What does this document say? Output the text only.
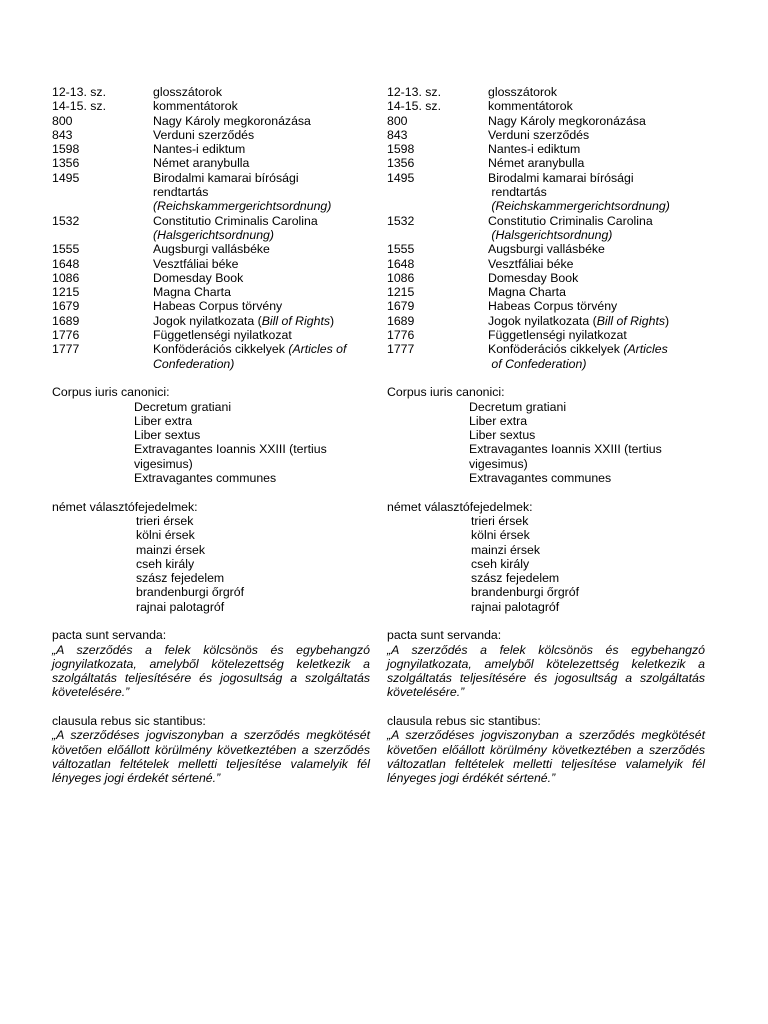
12-13. sz.	glosszátorok
14-15. sz.	kommentátorok
800	Nagy Károly megkoronázása
843	Verduni szerződés
1598	Nantes-i ediktum
1356	Német aranybulla
1495	Birodalmi kamarai bírósági
rendtartás
(Reichskammergerichtsordnung)
1532	Constitutio Criminalis Carolina
(Halsgerichtsordnung)
1555	Augsburgi vallásbéke
1648	Vesztfáliai béke
1086	Domesday Book
1215	Magna Charta
1679	Habeas Corpus törvény
1689	Jogok nyilatkozata (Bill of Rights)
1776	Függetlenségi nyilatkozat
1777	Konföderációs cikkelyek (Articles of
Confederation)
Corpus iuris canonici:
Decretum gratiani
Liber extra
Liber sextus
Extravagantes Ioannis XXIII (tertius
vigesimus)
Extravagantes communes
német választófejedelmek:
trieri érsek
kölni érsek
mainzi érsek
cseh király
szász fejedelem
brandenburgi őrgróf
rajnai palotagróf
pacta sunt servanda:
„A szerződés a felek kölcsönös és egybehangzó jognyilatkozata, amelyből kötelezettség keletkezik a szolgáltatás teljesítésére és jogosultság a szolgáltatás követelésére.”
clausula rebus sic stantibus:
„A szerződéses jogviszonyban a szerződés megkötését követően előállott körülmény következtében a szerződés változatlan feltételek melletti teljesítése valamelyik fél lényeges jogi érdekét sértené.”
12-13. sz.	glosszátorok
14-15. sz.	kommentátorok
800	Nagy Károly megkoronázása
843	Verduni szerződés
1598	Nantes-i ediktum
1356	Német aranybulla
1495	Birodalmi kamarai bírósági
rendtartás
(Reichskammergerichtsordnung)
1532	Constitutio Criminalis Carolina
(Halsgerichtsordnung)
1555	Augsburgi vallásbéke
1648	Vesztfáliai béke
1086	Domesday Book
1215	Magna Charta
1679	Habeas Corpus törvény
1689	Jogok nyilatkozata (Bill of Rights)
1776	Függetlenségi nyilatkozat
1777	Konföderációs cikkelyek (Articles
of Confederation)
Corpus iuris canonici:
Decretum gratiani
Liber extra
Liber sextus
Extravagantes Ioannis XXIII (tertius
vigesimus)
Extravagantes communes
német választófejedelmek:
trieri érsek
kölni érsek
mainzi érsek
cseh király
szász fejedelem
brandenburgi őrgróf
rajnai palotagróf
pacta sunt servanda:
„A szerződés a felek kölcsönös és egybehangzó jognyilatkozata, amelyből kötelezettség keletkezik a szolgáltatás teljesítésére és jogosultság a szolgáltatás követelésére.”
clausula rebus sic stantibus:
„A szerződéses jogviszonyban a szerződés megkötését követően előállott körülmény következtében a szerződés változatlan feltételek melletti teljesítése valamelyik fél lényeges jogi érdékét sértené.”
